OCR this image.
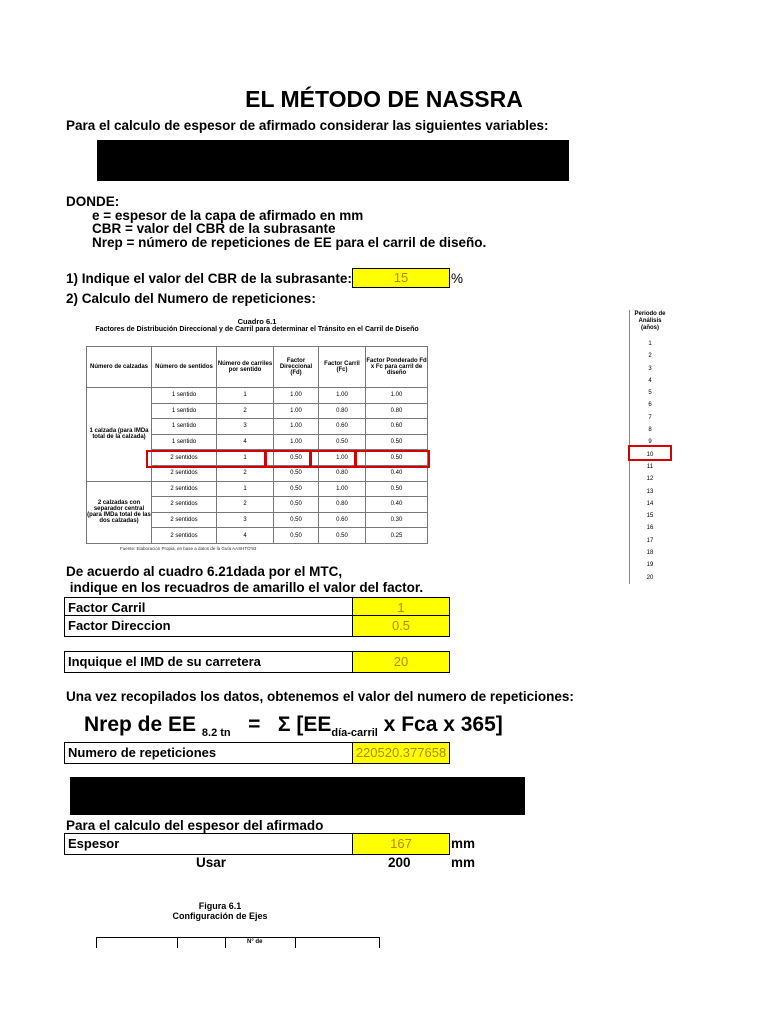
EL MÉTODO DE NASSRA
Para el calculo de espesor de afirmado considerar las siguientes variables:
DONDE:
e = espesor de la capa de afirmado en mm
CBR = valor del CBR de la subrasante
Nrep = número de repeticiones de EE para el carril de diseño.
1) Indique el valor del CBR de la subrasante:	15	%
2) Calculo del Numero de repeticiones:
Cuadro 6.1
Factores de Distribución Direccional y de Carril para determinar el Tránsito en el Carril de Diseño
Número de calzadas	Número de sentidos	Número de carriles por sentido	Factor Direccional (Fd)	Factor Carril (Fc)	Factor Ponderado Fd x Fc para carril de diseño
1 calzada (para IMDa total de la calzada)	1 sentido	1	1.00	1.00	1.00
	1 sentido	2	1.00	0.80	0.80
	1 sentido	3	1.00	0.60	0.60
	1 sentido	4	1.00	0.50	0.50
	2 sentidos	1	0.50	1.00	0.50
	2 sentidos	2	0.50	0.80	0.40
2 calzadas con separador central (para IMDa total de las dos calzadas)	2 sentidos	1	0.50	1.00	0.50
	2 sentidos	2	0.50	0.80	0.40
	2 sentidos	3	0.50	0.60	0.30
	2 sentidos	4	0.50	0.50	0.25
Fuente: Elaboración Propia, en base a datos de la Guía AASHTO'93
Periodo de Análisis (años)
1
2
3
4
5
6
7
8
9
10
11
12
13
14
15
16
17
18
19
20
De acuerdo al cuadro 6.21dada por el MTC,
indique en los recuadros de amarillo el valor del factor.
Factor Carril	1
Factor Direccion	0.5
Inquique el IMD de su carretera	20
Una vez recopilados los datos, obtenemos el valor del numero de repeticiones:
Nrep de EE $_{8.2 tn}$ = Σ [$EE_{día-carril}$ x Fca x 365]
Numero de repeticiones	220520.377658
Para el calculo del espesor del afirmado
Espesor	167	mm
Usar	200	mm
Figura 6.1
Configuración de Ejes
N° de
